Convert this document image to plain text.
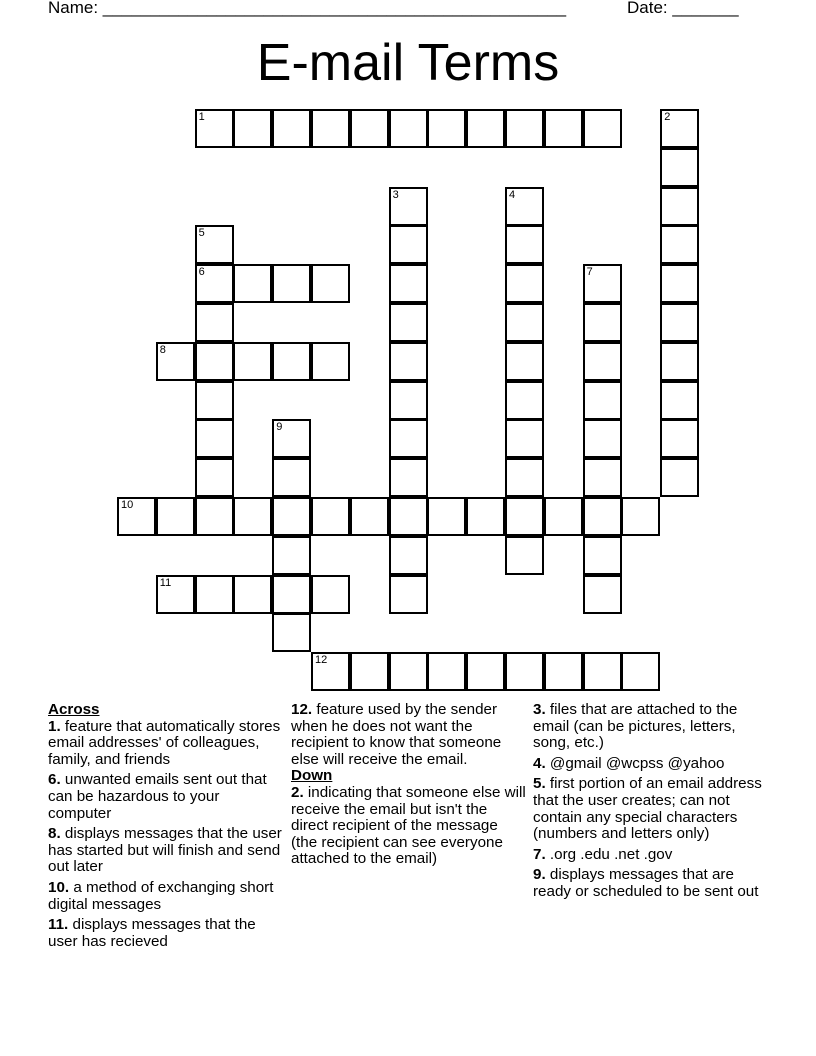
Name: _________________________________________________	Date: _______
E-mail Terms
1	2
3	4
5
6	7
8
9
10
11
12
Across
1. feature that automatically stores email addresses' of colleagues, family, and friends
6. unwanted emails sent out that can be hazardous to your computer
8. displays messages that the user has started but will finish and send out later
10. a method of exchanging short digital messages
11. displays messages that the user has recieved
12. feature used by the sender when he does not want the recipient to know that someone else will receive the email.
Down
2. indicating that someone else will receive the email but isn't the direct recipient of the message (the recipient can see everyone attached to the email)
3. files that are attached to the email (can be pictures, letters, song, etc.)
4. @gmail @wcpss @yahoo
5. first portion of an email address that the user creates; can not contain any special characters (numbers and letters only)
7. .org .edu .net .gov
9. displays messages that are ready or scheduled to be sent out
